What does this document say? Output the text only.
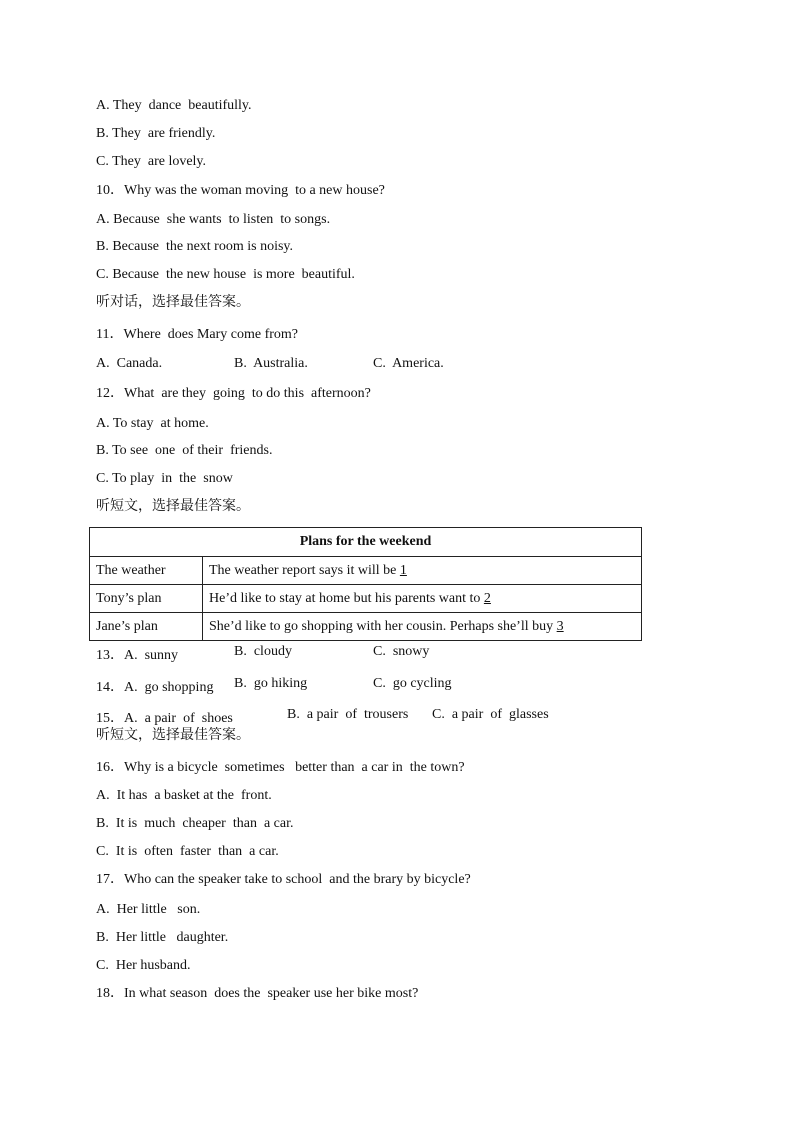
A. They  dance  beautifully.
B. They  are friendly.
C. They  are lovely.
10．Why was the woman moving  to a new house?
A. Because  she wants  to listen  to songs.
B. Because  the next room is noisy.
C. Because  the new house  is more  beautiful.
听对话，选择最佳答案。
11．Where  does Mary come from?
A.  Canada.	B.  Australia.	C.  America.
12．What  are they  going  to do this  afternoon?
A. To stay  at home.
B. To see  one  of their  friends.
C. To play  in  the  snow
听短文，选择最佳答案。
Plans for the weekend	
The weather	The weather report says it will be 1
Tony’s plan	He’d like to stay at home but his parents want to 2
Jane’s plan	She’d like to go shopping with her cousin. Perhaps she’ll buy 3
13．A.  sunny	B.  cloudy	C.  snowy
14．A.  go shopping B.  go hiking	C.  go cycling
15．A.  a pair  of  shoes	B.  a pair  of  trousers C.  a pair  of  glasses
听短文，选择最佳答案。
16．Why is a bicycle  sometimes   better than  a car in  the town?
A.  It has  a basket at the  front.
B.  It is  much  cheaper  than  a car.
C.  It is  often  faster  than  a car.
17．Who can the speaker take to school  and the brary by bicycle?
A.  Her little   son.
B.  Her little   daughter.
C.  Her husband.
18．In what season  does the  speaker use her bike most?
